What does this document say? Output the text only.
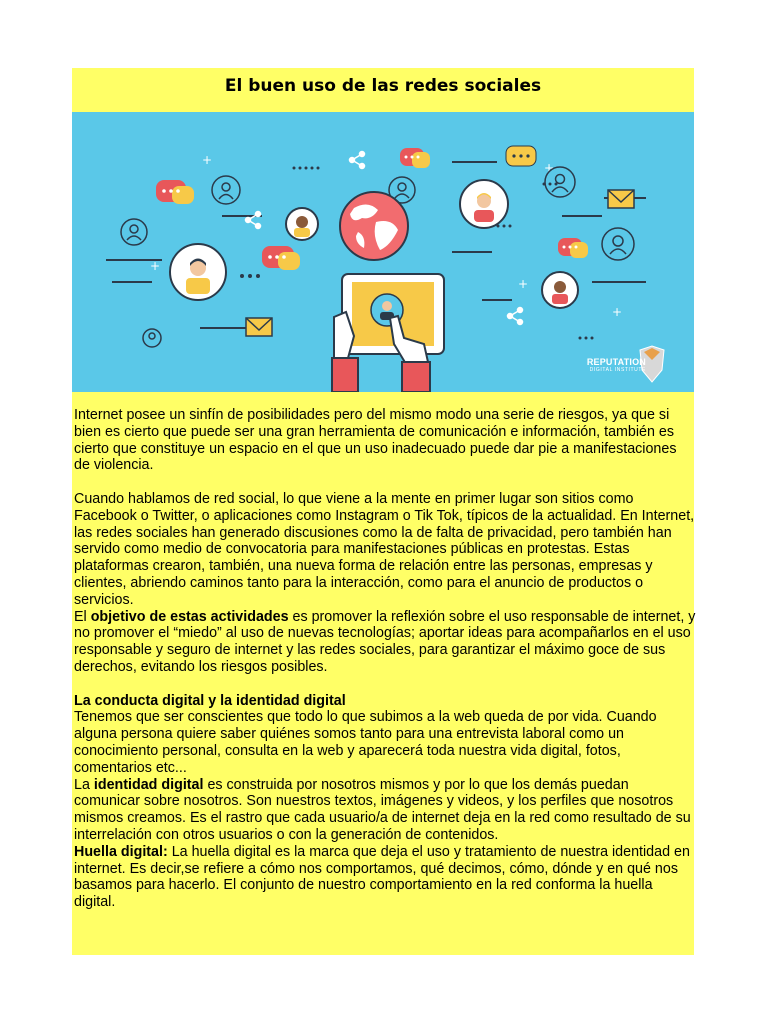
El buen uso de las redes sociales
+
+
+
+
+
REPUTATION
DIGITAL INSTITUTE

Internet posee un sinfín de posibilidades pero del mismo modo una serie de riesgos, ya que si bien es cierto que puede ser una gran herramienta de comunicación e información, también es cierto que constituye un espacio en el que un uso inadecuado puede dar pie a manifestaciones de violencia.

Cuando hablamos de red social, lo que viene a la mente en primer lugar son sitios como Facebook o Twitter, o aplicaciones como Instagram o Tik Tok, típicos de la actualidad. En Internet, las redes sociales han generado discusiones como la de falta de privacidad, pero también han servido como medio de convocatoria para manifestaciones públicas en protestas. Estas plataformas crearon, también, una nueva forma de relación entre las personas, empresas y clientes, abriendo caminos tanto para la interacción, como para el anuncio de productos o servicios.

El objetivo de estas actividades es promover la reflexión sobre el uso responsable de internet, y no promover el “miedo” al uso de nuevas tecnologías; aportar ideas para acompañarlos en el uso responsable y seguro de internet y las redes sociales, para garantizar el máximo goce de sus derechos, evitando los riesgos posibles.

La conducta digital y la identidad digital

Tenemos que ser conscientes que todo lo que subimos a la web queda de por vida. Cuando alguna persona quiere saber quiénes somos tanto para una entrevista laboral como un conocimiento personal, consulta en la web y aparecerá toda nuestra vida digital, fotos, comentarios etc...

La identidad digital es construida por nosotros mismos y por lo que los demás puedan comunicar sobre nosotros. Son nuestros textos, imágenes y videos, y los perfiles que nosotros mismos creamos. Es el rastro que cada usuario/a de internet deja en la red como resultado de su interrelación con otros usuarios o con la generación de contenidos.

Huella digital: La huella digital es la marca que deja el uso y tratamiento de nuestra identidad en internet. Es decir,se refiere a cómo nos comportamos, qué decimos, cómo, dónde y en qué nos basamos para hacerlo. El conjunto de nuestro comportamiento en la red conforma la huella digital.
